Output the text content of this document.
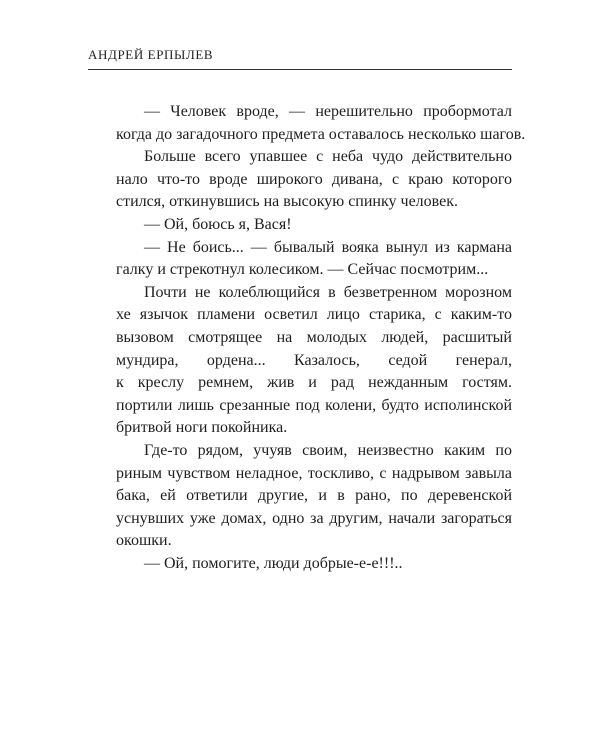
АНДРЕЙ ЕРПЫЛЕВ
— Человек вроде, — нерешительно пробормотал
когда до загадочного предмета оставалось несколько шагов.
Больше всего упавшее с неба чудо действительно
нало что-то вроде широкого дивана, с краю которого
стился, откинувшись на высокую спинку человек.
— Ой, боюсь я, Вася!
— Не боись... — бывалый вояка вынул из кармана
галку и стрекотнул колесиком. — Сейчас посмотрим...
Почти не колеблющийся в безветренном морозном
хе язычок пламени осветил лицо старика, с каким-то
вызовом смотрящее на молодых людей, расшитый
мундира, ордена... Казалось, седой генерал,
к креслу ремнем, жив и рад нежданным гостям.
портили лишь срезанные под колени, будто исполинской
бритвой ноги покойника.
Где-то рядом, учуяв своим, неизвестно каким по
риным чувством неладное, тоскливо, с надрывом завыла
бака, ей ответили другие, и в рано, по деревенской
уснувших уже домах, одно за другим, начали загораться
окошки.
— Ой, помогите, люди добрые-е-е!!!..
